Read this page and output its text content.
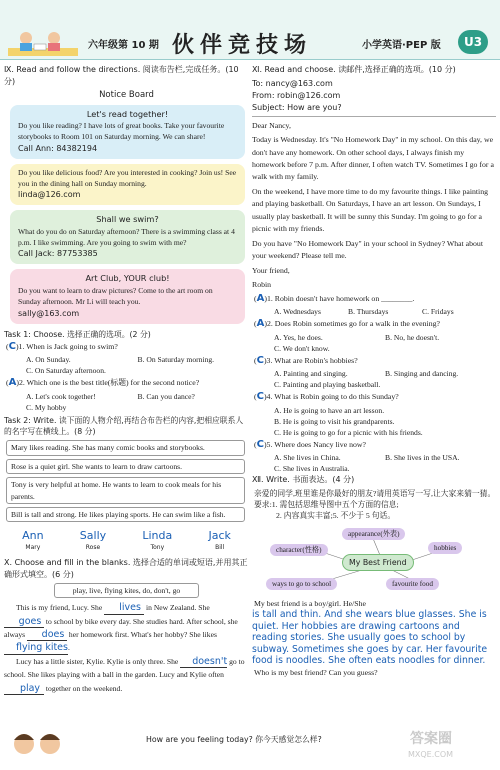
六年级 第 10 期 伙伴竞技场	小学英语·PEP 版	U3
Ⅸ. Read and follow the directions. 阅读布告栏,完成任务。(10 分)
Notice Board
Let's read together!
Do you like reading? I have lots of great books. Take your favourite storybooks to Room 101 on Saturday morning. We can share!
Call Ann: 84382194
Do you like delicious food? Are you interested in cooking? Join us! See you in the dining hall on Sunday morning.
linda@126.com
Shall we swim?
What do you do on Saturday afternoon? There is a swimming class at 4 p.m. I like swimming. Are you going to swim with me?
Call Jack: 87753385
Art Club, YOUR club!
Do you want to learn to draw pictures? Come to the art room on Sunday afternoon. Mr Li will teach you.
sally@163.com
Task 1: Choose. 选择正确的选项。(2 分)
(C)1. When is Jack going to swim?
A. On Sunday.	B. On Saturday morning.
C. On Saturday afternoon.
(A)2. Which one is the best title(标题) for the second notice?
A. Let's cook together!	B. Can you dance?
C. My hobby
Task 2: Write. 读下面的人物介绍,再结合布告栏的内容,把相应联系人的名字写在横线上。(8 分)
Mary likes reading. She has many comic books and storybooks.
Rose is a quiet girl. She wants to learn to draw cartoons.
Tony is very helpful at home. He wants to learn to cook meals for his parents.
Bill is tall and strong. He likes playing sports. He can swim like a fish.
Ann
Mary
Sally
Rose
Linda
Tony
Jack
Bill
Ⅹ. Choose and fill in the blanks. 选择合适的单词或短语,并用其正确形式填空。(6 分)
play, live, flying kites, do, don't, go
This is my friend, Lucy. She lives in New Zealand. She goes to school by bike every day. She studies hard. After school, she always does her homework first. What's her hobby? She likes flying kites.
Lucy has a little sister, Kylie. Kylie is only three. She doesn't go to school. She likes playing with a ball in the garden. Lucy and Kylie often play together on the weekend.
Ⅺ. Read and choose. 读邮件,选择正确的选项。(10 分)
To: nancy@163.com
From: robin@126.com
Subject: How are you?

Dear Nancy,

Today is Wednesday. It's "No Homework Day" in my school. On this day, we don't have any homework. On other school days, I always finish my homework before 7 p.m. After dinner, I often watch TV. Sometimes I go for a walk with my family.

On the weekend, I have more time to do my favourite things. I like painting and playing basketball. On Saturdays, I have an art lesson. On Sundays, I usually play basketball. It will be sunny this Sunday. I'm going to go for a picnic with my friends.

Do you have "No Homework Day" in your school in Sydney? What about your weekend? Please tell me.

Your friend,

Robin

(A)1. Robin doesn't have homework on ________.
A. Wednesdays	B. Thursdays	C. Fridays
(A)2. Does Robin sometimes go for a walk in the evening?
A. Yes, he does.	B. No, he doesn't.
C. We don't know.
(C)3. What are Robin's hobbies?
A. Painting and singing.	B. Singing and dancing.
C. Painting and playing basketball.
(C)4. What is Robin going to do this Sunday?
A. He is going to have an art lesson.
B. He is going to visit his grandparents.
C. He is going to go for a picnic with his friends.
(C)5. Where does Nancy live now?
A. She lives in China.	B. She lives in the USA.
C. She lives in Australia.
Ⅻ. Write. 书面表达。(4 分)
亲爱的同学,班里谁是你最好的朋友?请用英语写一写,让大家来猜一猜。
要求:1. 需包括思维导图中五个方面的信息;
2. 内容真实丰富;5. 不少于 5 句话。
appearance(外表)
hobbies
character(性格)
My Best Friend
favourite food
ways to go to school
My best friend is a boy/girl. He/She
is tall and thin. And she wears blue glasses. She is quiet. Her hobbies are drawing cartoons and reading stories. She usually goes to school by subway. Sometimes she goes by car. Her favourite food is noodles. She often eats noodles for dinner.
Who is my best friend? Can you guess?
How are you feeling today? 你今天感觉怎么样?	答案圈
MXQE.COM
